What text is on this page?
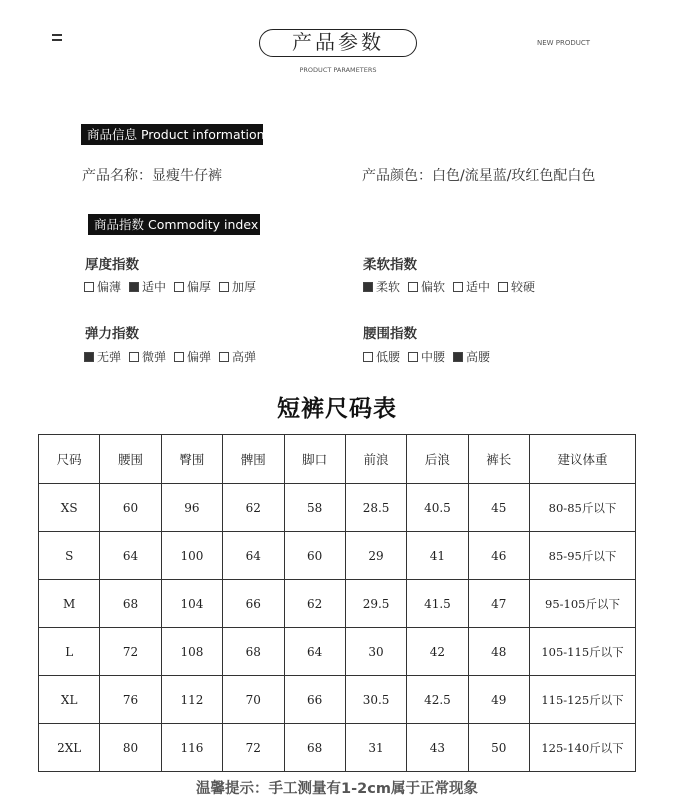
产品参数
PRODUCT PARAMETERS
NEW PRODUCT
商品信息 Product information
产品名称：显瘦牛仔裤	产品颜色：白色/流星蓝/玫红色配白色
商品指数 Commodity index
厚度指数
偏薄 适中 偏厚 加厚
柔软指数
柔软 偏软 适中 较硬
弹力指数
无弹 微弹 偏弹 高弹
腰围指数
低腰 中腰 高腰
短裤尺码表
尺码	腰围	臀围	髀围	脚口	前浪	后浪	裤长	建议体重
XS	60	96	62	58	28.5	40.5	45	80-85斤以下
S	64	100	64	60	29	41	46	85-95斤以下
M	68	104	66	62	29.5	41.5	47	95-105斤以下
L	72	108	68	64	30	42	48	105-115斤以下
XL	76	112	70	66	30.5	42.5	49	115-125斤以下
2XL	80	116	72	68	31	43	50	125-140斤以下
温馨提示：手工测量有1-2cm属于正常现象
